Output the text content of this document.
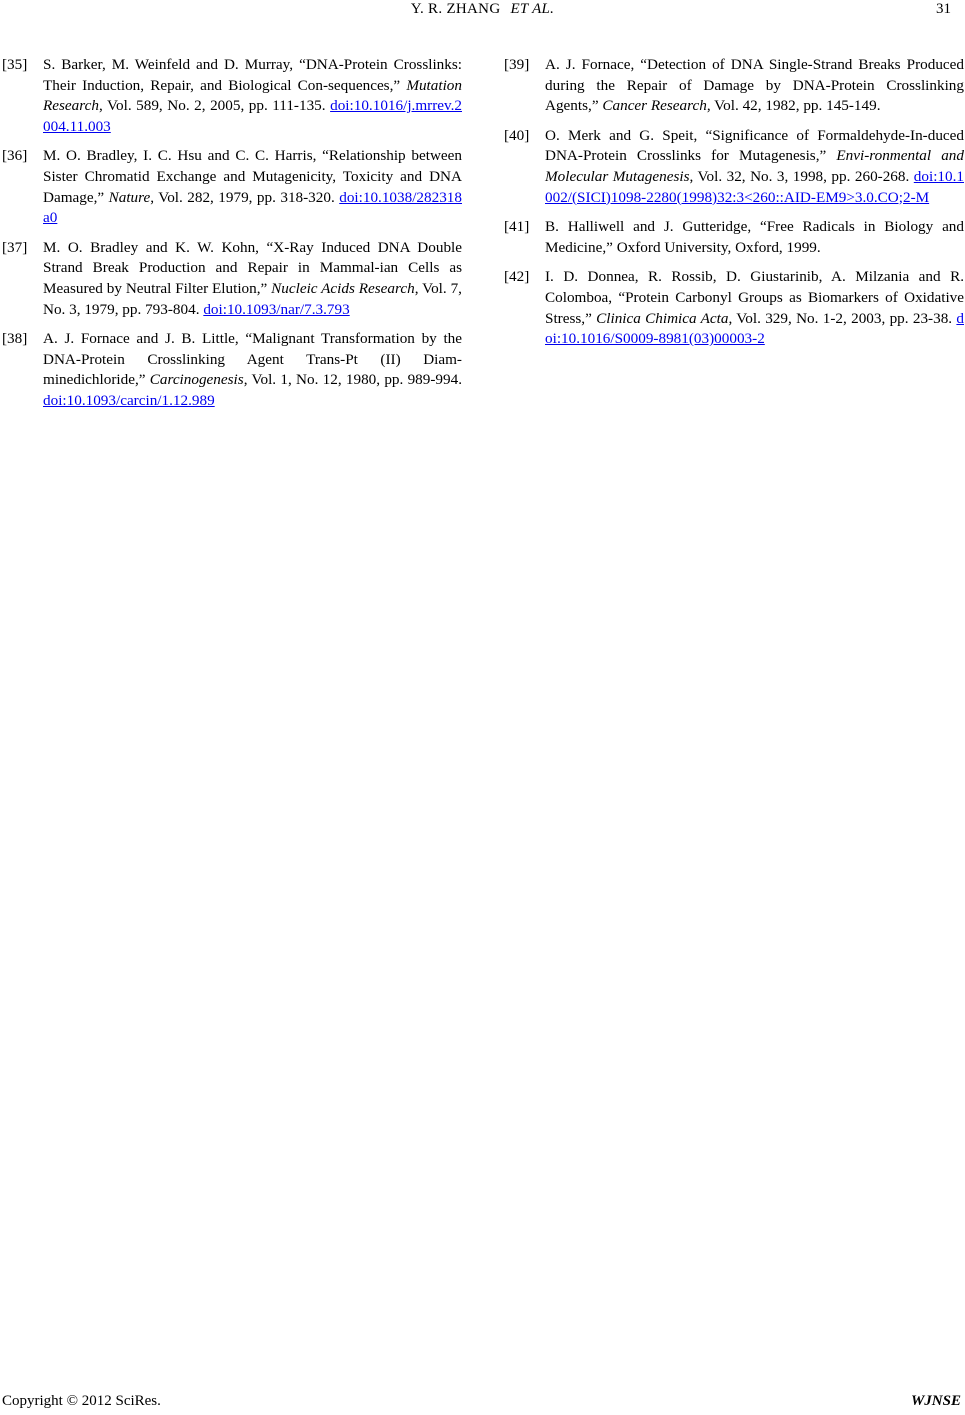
Y. R. ZHANG ET AL.	31
[35] S. Barker, M. Weinfeld and D. Murray, “DNA-Protein Crosslinks: Their Induction, Repair, and Biological Con-sequences,” Mutation Research, Vol. 589, No. 2, 2005, pp. 111-135. doi:10.1016/j.mrrev.2004.11.003
[36] M. O. Bradley, I. C. Hsu and C. C. Harris, “Relationship between Sister Chromatid Exchange and Mutagenicity, Toxicity and DNA Damage,” Nature, Vol. 282, 1979, pp. 318-320. doi:10.1038/282318a0
[37] M. O. Bradley and K. W. Kohn, “X-Ray Induced DNA Double Strand Break Production and Repair in Mammal-ian Cells as Measured by Neutral Filter Elution,” Nucleic Acids Research, Vol. 7, No. 3, 1979, pp. 793-804. doi:10.1093/nar/7.3.793
[38] A. J. Fornace and J. B. Little, “Malignant Transformation by the DNA-Protein Crosslinking Agent Trans-Pt (II) Diam-minedichloride,” Carcinogenesis, Vol. 1, No. 12, 1980, pp. 989-994. doi:10.1093/carcin/1.12.989
[39] A. J. Fornace, “Detection of DNA Single-Strand Breaks Produced during the Repair of Damage by DNA-Protein Crosslinking Agents,” Cancer Research, Vol. 42, 1982, pp. 145-149.
[40] O. Merk and G. Speit, “Significance of Formaldehyde-In-duced DNA-Protein Crosslinks for Mutagenesis,” Envi-ronmental and Molecular Mutagenesis, Vol. 32, No. 3, 1998, pp. 260-268. doi:10.1002/(SICI)1098-2280(1998)32:3<260::AID-EM9>3.0.CO;2-M
[41] B. Halliwell and J. Gutteridge, “Free Radicals in Biology and Medicine,” Oxford University, Oxford, 1999.
[42] I. D. Donnea, R. Rossib, D. Giustarinib, A. Milzania and R. Colomboa, “Protein Carbonyl Groups as Biomarkers of Oxidative Stress,” Clinica Chimica Acta, Vol. 329, No. 1-2, 2003, pp. 23-38. doi:10.1016/S0009-8981(03)00003-2
Copyright © 2012 SciRes.	WJNSE
